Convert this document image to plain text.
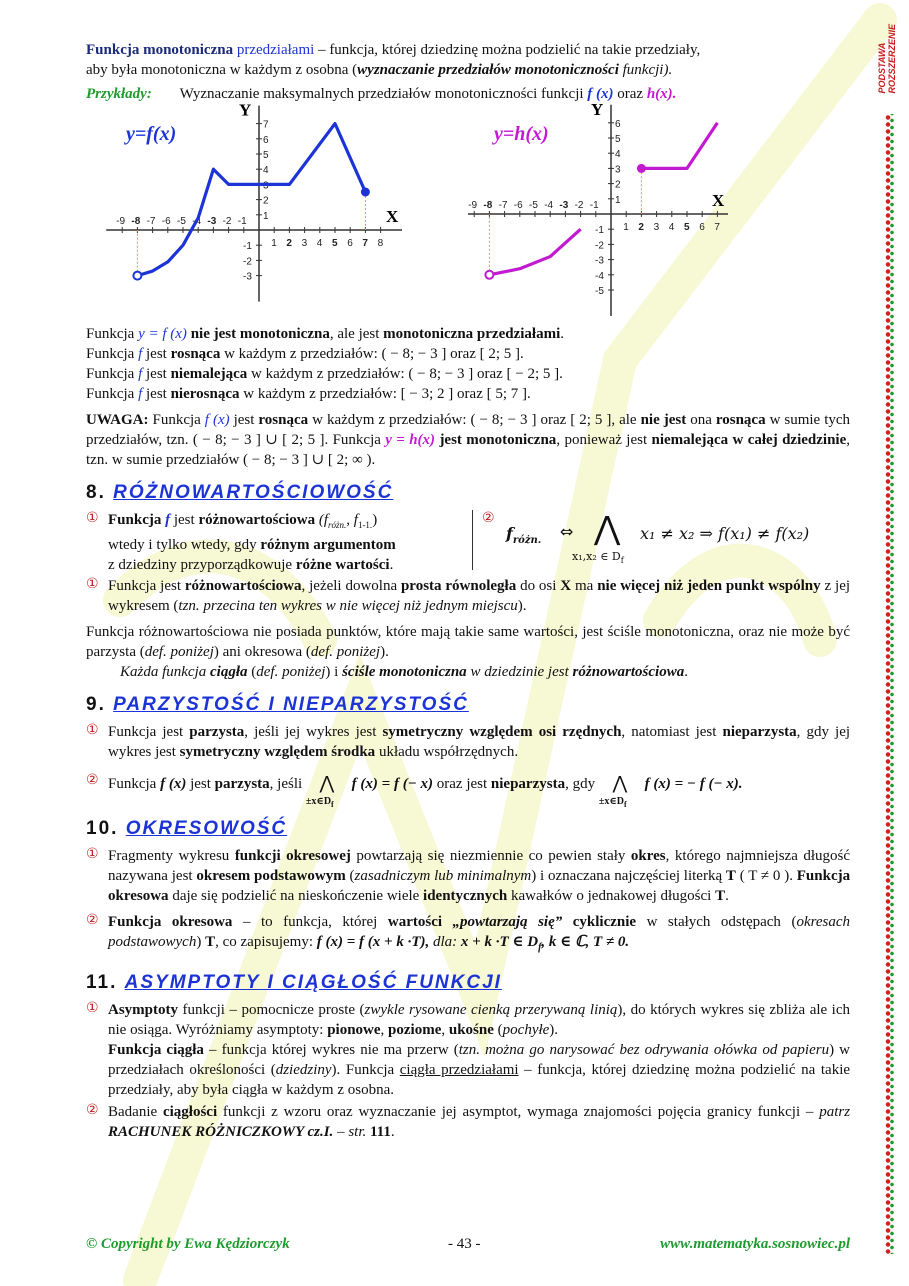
PODSTAWA
ROZSZERZENIE

Funkcja monotoniczna przedziałami – funkcja, której dziedzinę można podzielić na takie przedziały,

aby była monotoniczna w każdym z osobna (wyznaczanie przedziałów monotoniczności funkcji).

Przykłady: Wyznaczanie maksymalnych przedziałów monotoniczności funkcji f (x) oraz h(x).

Y
X
y=f(x)
-9 -8 -7 -6 -5 -4 -3 -2 -1
1 2 3 4 5 6 7 8
7
6
5
4
3
2
1
-1
-2
-3
Y
X
y=h(x)
-9 -8 -7 -6 -5 -4 -3 -2 -1
1 2 3 4 5 6 7
6
5
4
3
2
1
-1
-2
-3
-4
-5

Funkcja y = f (x) nie jest monotoniczna, ale jest monotoniczna przedziałami.

Funkcja f jest rosnąca w każdym z przedziałów: ( − 8; − 3 ] oraz [ 2; 5 ].

Funkcja f jest niemalejąca w każdym z przedziałów: ( − 8; − 3 ] oraz [ − 2; 5 ].

Funkcja f jest nierosnąca w każdym z przedziałów: [ − 3; 2 ] oraz [ 5; 7 ].

UWAGA: Funkcja f (x) jest rosnąca w każdym z przedziałów: ( − 8; − 3 ] oraz [ 2; 5 ], ale nie jest ona rosnąca w sumie tych przedziałów, tzn. ( − 8; − 3 ] ∪ [ 2; 5 ]. Funkcja y = h(x) jest monotoniczna, ponieważ jest niemalejąca w całej dziedzinie, tzn. w sumie przedziałów ( − 8; − 3 ] ∪ [ 2; ∞ ).

8. RÓŻNOWARTOŚCIOWOŚĆ
① Funkcja f jest różnowartościowa ($f_{różn.}$, $f_{1-1.}$)

wtedy i tylko wtedy, gdy różnym argumentom

z dziedziny przyporządkowuje różne wartości.

②
$f_{różn.}$ ⇔ ⋀
x₁,x₂ ∈ $D_f$
x₁ ≠ x₂ ⇒ f(x₁) ≠ f(x₂)
① Funkcja jest różnowartościowa, jeżeli dowolna prosta równoległa do osi X ma nie więcej niż jeden punkt wspólny z jej wykresem (tzn. przecina ten wykres w nie więcej niż jednym miejscu).

Funkcja różnowartościowa nie posiada punktów, które mają takie same wartości, jest ściśle monotoniczna, oraz nie może być parzysta (def. poniżej) ani okresowa (def. poniżej).

Każda funkcja ciągła (def. poniżej) i ściśle monotoniczna w dziedzinie jest różnowartościowa.

9. PARZYSTOŚĆ I NIEPARZYSTOŚĆ
① Funkcja jest parzysta, jeśli jej wykres jest symetryczny względem osi rzędnych, natomiast jest nieparzysta, gdy jej wykres jest symetryczny względem środka układu współrzędnych.

② Funkcja f (x) jest parzysta, jeśli ⋀
$\pm x\in D_f$
f (x) = f (− x) oraz jest nieparzysta, gdy ⋀
$\pm x\in D_f$
f (x) = − f (− x).

10. OKRESOWOŚĆ
① Fragmenty wykresu funkcji okresowej powtarzają się niezmiennie co pewien stały okres, którego najmniejsza długość nazywana jest okresem podstawowym (zasadniczym lub minimalnym) i oznaczana najczęściej literką T ( T ≠ 0 ). Funkcja okresowa daje się podzielić na nieskończenie wiele identycznych kawałków o jednakowej długości T.

② Funkcja okresowa – to funkcja, której wartości „powtarzają się” cyklicznie w stałych odstępach (okresach podstawowych) T, co zapisujemy: f (x) = f (x + k ·T), dla: x + k ·T ∈ $D_f$, k ∈ ℂ, T ≠ 0.

11. ASYMPTOTY I CIĄGŁOŚĆ FUNKCJI
① Asymptoty funkcji – pomocnicze proste (zwykle rysowane cienką przerywaną linią), do których wykres się zbliża ale ich nie osiąga. Wyróżniamy asymptoty: pionowe, poziome, ukośne (pochyłe).

Funkcja ciągła – funkcja której wykres nie ma przerw (tzn. można go narysować bez odrywania ołówka od papieru) w przedziałach określoności (dziedziny). Funkcja ciągła przedziałami – funkcja, której dziedzinę można podzielić na takie przedziały, aby była ciągła w każdym z osobna.

② Badanie ciągłości funkcji z wzoru oraz wyznaczanie jej asymptot, wymaga znajomości pojęcia granicy funkcji – patrz RACHUNEK RÓŻNICZKOWY cz.I. – str. 111.

© Copyright by Ewa Kędziorczyk	- 43 -	www.matematyka.sosnowiec.pl
